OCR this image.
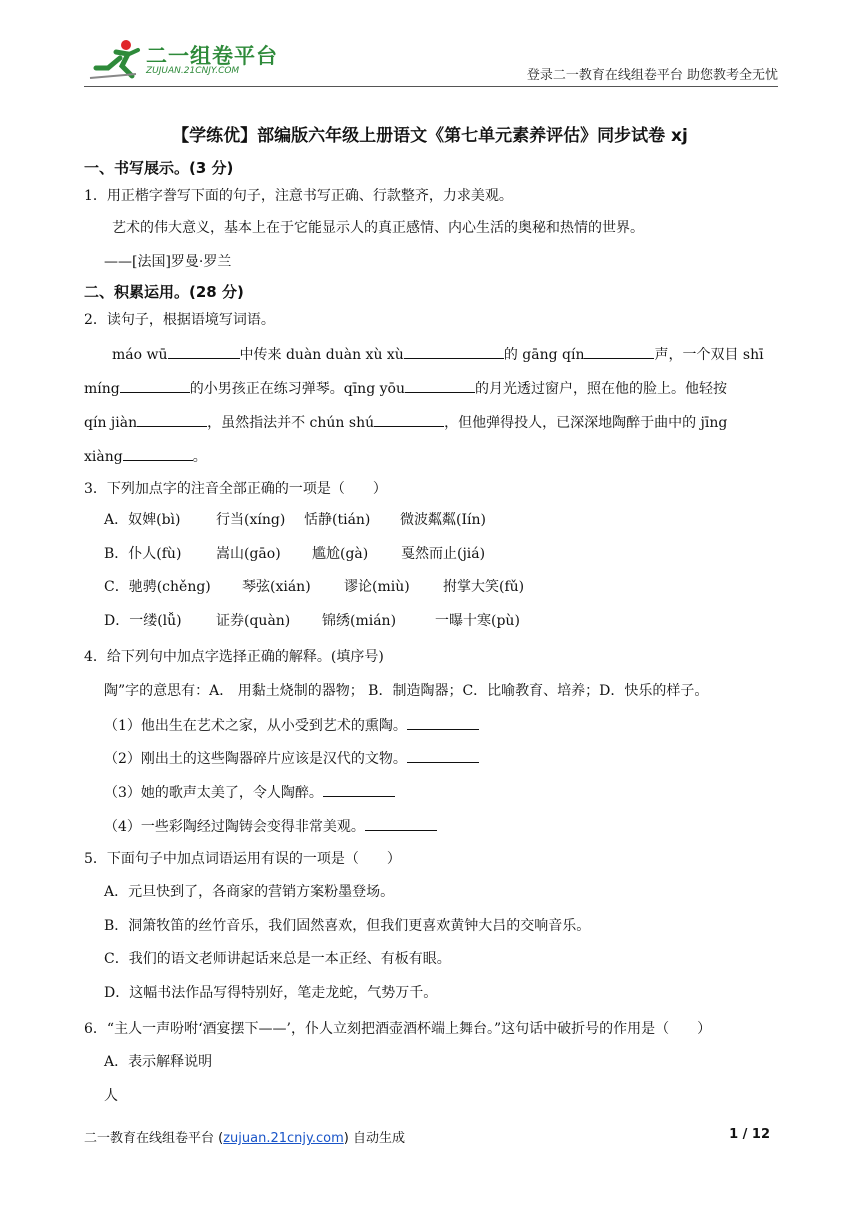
二一组卷平台
ZUJUAN.21CNJY.COM	登录二一教育在线组卷平台 助您教考全无忧
【学练优】部编版六年级上册语文《第七单元素养评估》同步试卷 xj
一、书写展示。(3 分)
1．用正楷字誊写下面的句子，注意书写正确、行款整齐，力求美观。
艺术的伟大意义，基本上在于它能显示人的真正感情、内心生活的奥秘和热情的世界。
——[法国]罗曼·罗兰
二、积累运用。(28 分)
2．读句子，根据语境写词语。
máo wū	中传来 duàn duàn xù xù	的 gāng qín	声，一个双目 shī
míng	的小男孩正在练习弹琴。qīng yōu	的月光透过窗户，照在他的脸上。他轻按
qín jiàn	，虽然指法并不 chún shú	，但他弹得投人，已深深地陶醉于曲中的 jīng
xiàng	。
3．下列加点字的注音全部正确的一项是（　　）
A．奴婢(bì)	行当(xíng) 恬静(tián) 微波粼粼(Iín)
B．仆人(fù) 嵩山(gāo) 尴尬(gà) 戛然而止(jiá)
C．驰骋(chěng) 琴弦(xián) 谬论(miù) 拊掌大笑(fǔ)
D．一缕(lǚ) 证券(quàn) 锦绣(mián)	一曝十寒(pù)
4．给下列句中加点字选择正确的解释。(填序号)
陶”字的意思有：A． 用黏土烧制的器物； B．制造陶器；C．比喻教育、培养；D．快乐的样子。
（1）他出生在艺术之家，从小受到艺术的熏陶。
（2）刚出土的这些陶器碎片应该是汉代的文物。
（3）她的歌声太美了，令人陶醉。
（4）一些彩陶经过陶铸会变得非常美观。
5．下面句子中加点词语运用有误的一项是（　　）
A．元旦快到了，各商家的营销方案粉墨登场。
B．洞箫牧笛的丝竹音乐，我们固然喜欢，但我们更喜欢黄钟大吕的交响音乐。
C．我们的语文老师讲起话来总是一本正经、有板有眼。
D．这幅书法作品写得特别好，笔走龙蛇，气势万千。
6．“主人一声吩咐‘酒宴摆下——’，仆人立刻把酒壶酒杯端上舞台。”这句话中破折号的作用是（　　）
A．表示解释说明
人
二一教育在线组卷平台 (zujuan.21cnjy.com) 自动生成	1 / 12
